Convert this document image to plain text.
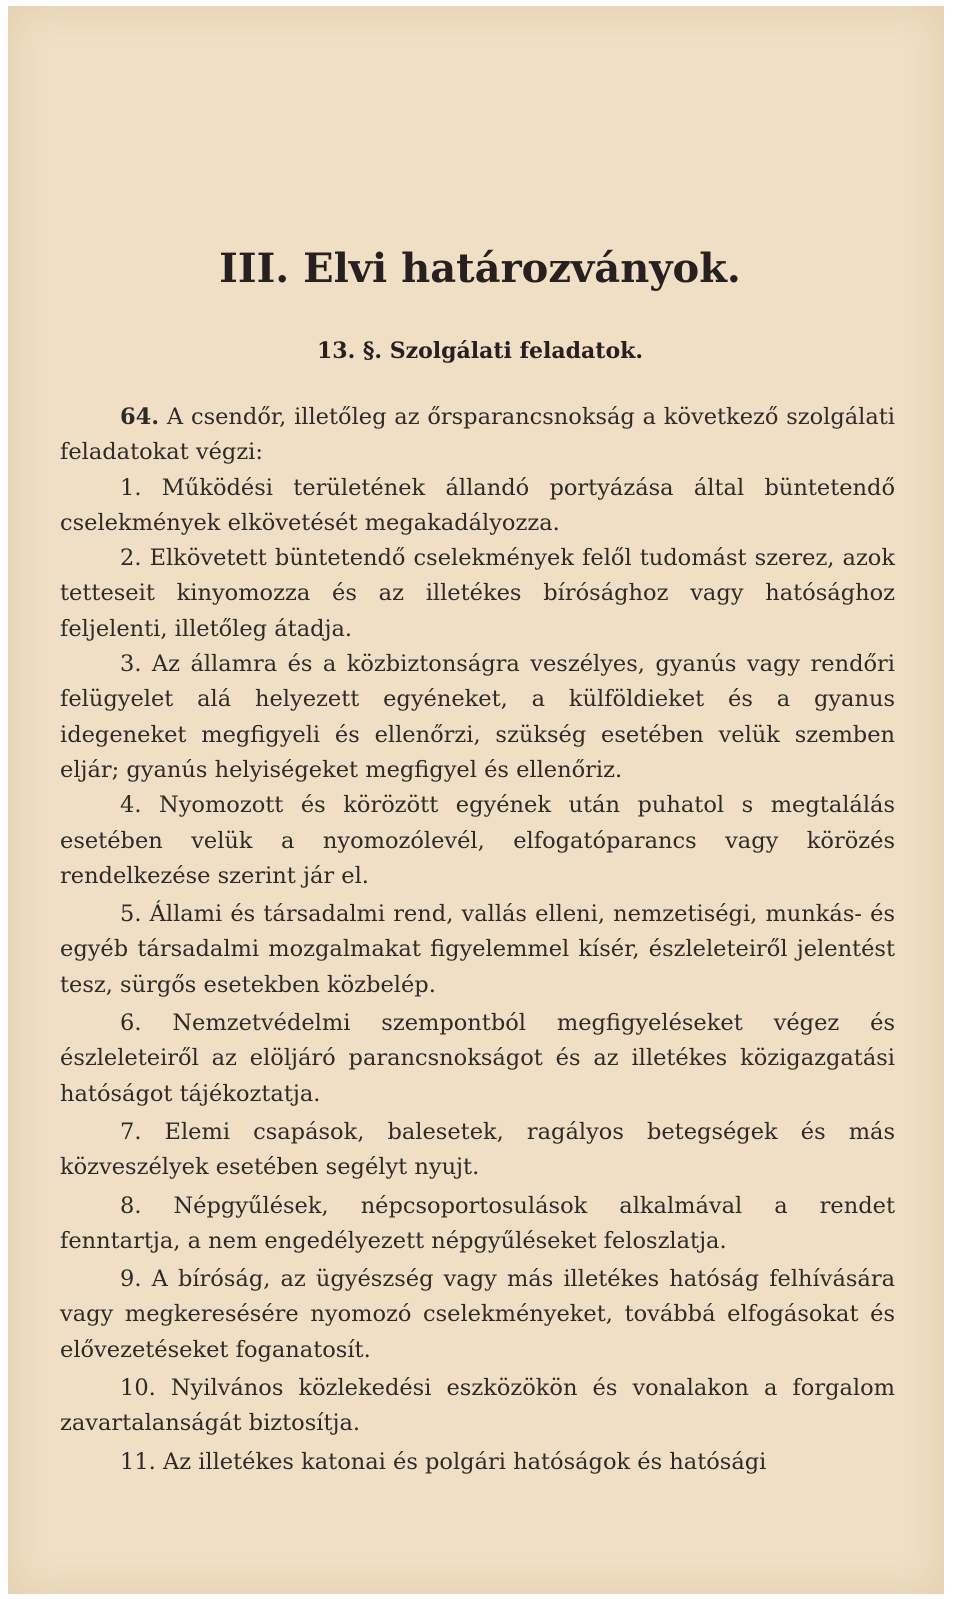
III. Elvi határozványok.
13. §. Szolgálati feladatok.

64. A csendőr, illetőleg az őrsparancsnokság a következő szolgálati feladatokat végzi:

1. Működési területének állandó portyázása által büntetendő cselekmények elkövetését megakadályozza.

2. Elkövetett büntetendő cselekmények felől tudomást szerez, azok tetteseit kinyomozza és az illetékes bírósághoz vagy hatósághoz feljelenti, illetőleg átadja.

3. Az államra és a közbiztonságra veszélyes, gyanús vagy rendőri felügyelet alá helyezett egyéneket, a külföldieket és a gyanus idegeneket megfigyeli és ellenőrzi, szükség esetében velük szemben eljár; gyanús helyiségeket megfigyel és ellenőriz.

4. Nyomozott és körözött egyének után puhatol s megtalálás esetében velük a nyomozólevél, elfogatóparancs vagy körözés rendelkezése szerint jár el.

5. Állami és társadalmi rend, vallás elleni, nemzetiségi, munkás- és egyéb társadalmi mozgalmakat figyelemmel kísér, észleleteiről jelentést tesz, sürgős esetekben közbelép.

6. Nemzetvédelmi szempontból megfigyeléseket végez és észleleteiről az elöljáró parancsnokságot és az illetékes közigazgatási hatóságot tájékoztatja.

7. Elemi csapások, balesetek, ragályos betegségek és más közveszélyek esetében segélyt nyujt.

8. Népgyűlések, népcsoportosulások alkalmával a rendet fenntartja, a nem engedélyezett népgyűléseket feloszlatja.

9. A bíróság, az ügyészség vagy más illetékes hatóság felhívására vagy megkeresésére nyomozó cselekményeket, továbbá elfogásokat és elővezetéseket foganatosít.

10. Nyilvános közlekedési eszközökön és vonalakon a forgalom zavartalanságát biztosítja.

11. Az illetékes katonai és polgári hatóságok és hatósági
